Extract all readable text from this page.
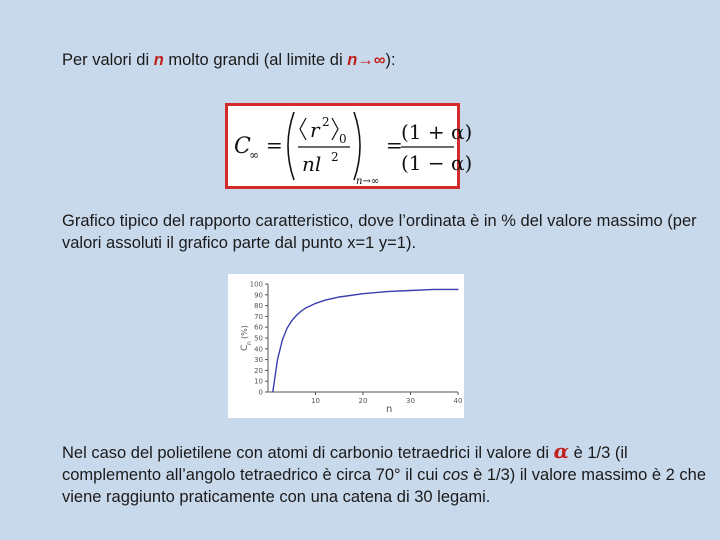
Per valori di n molto grandi (al limite di n→∞):

C
∞ =
r 2
0
nl 2
n→∞
=
(1 + α)
(1 − α)

Grafico tipico del rapporto caratteristico, dove l’ordinata è in % del valore massimo (per valori assoluti il grafico parte dal punto x=1 y=1).

0
10
20
30
40
50
60
70
80
90
100
10	20	30	40
n
C
n
(%)

Nel caso del polietilene con atomi di carbonio tetraedrici il valore di α è 1/3 (il complemento all’angolo tetraedrico è circa 70° il cui cos è 1/3) il valore massimo è 2 che viene raggiunto praticamente con una catena di 30 legami.
